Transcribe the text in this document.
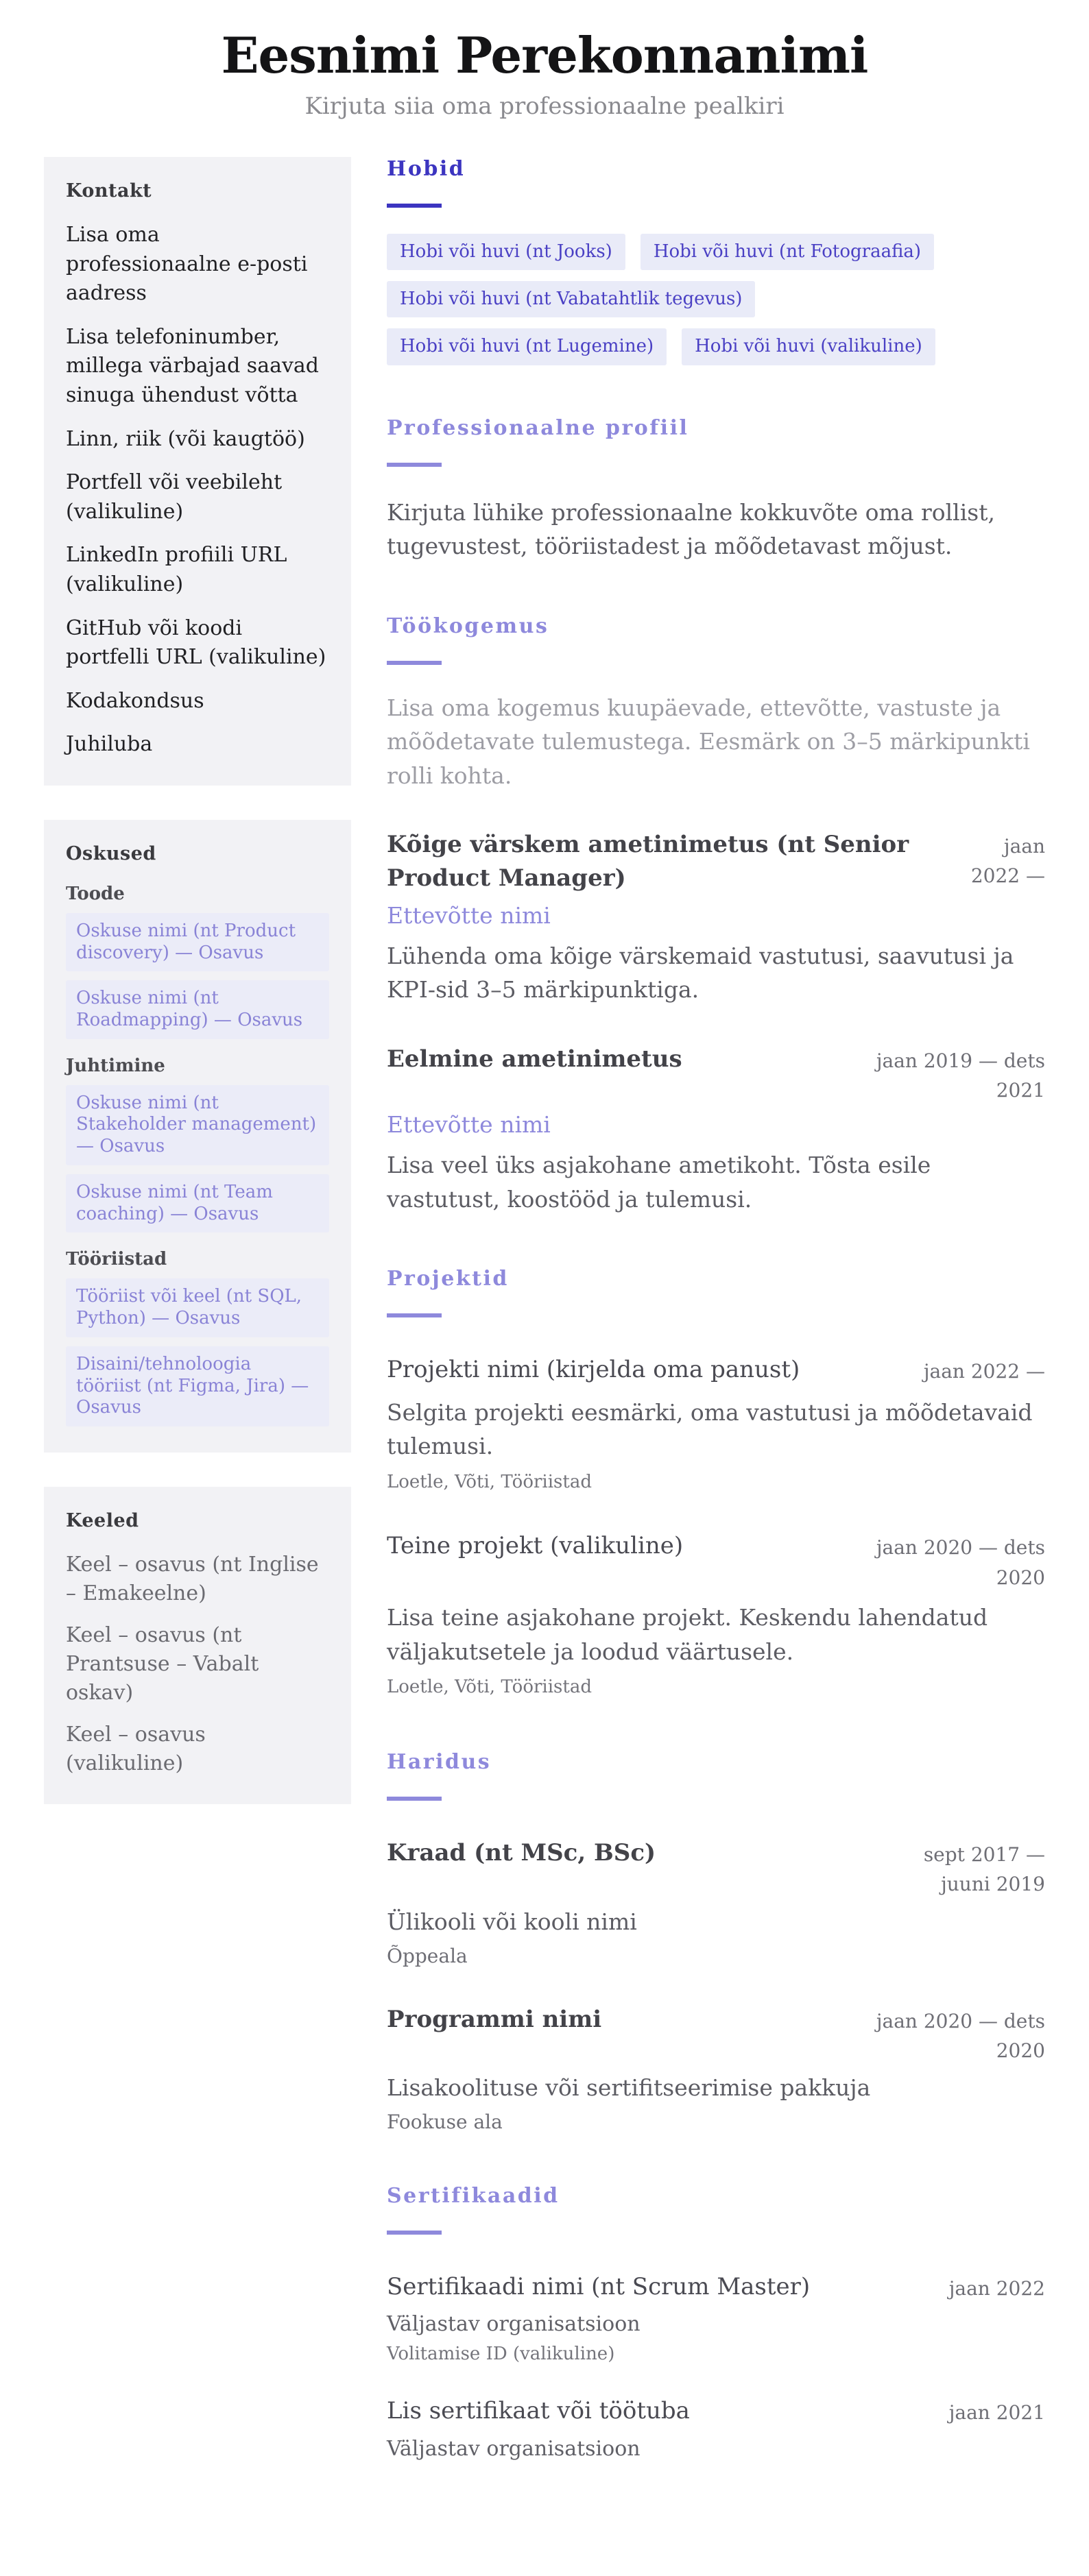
Eesnimi Perekonnanimi

Kirjuta siia oma professionaalne pealkiri

Kontakt

Lisa oma professionaalne e-posti aadress

Lisa telefoninumber, millega värbajad saavad sinuga ühendust võtta

Linn, riik (või kaugtöö)

Portfell või veebileht (valikuline)

LinkedIn profiili URL (valikuline)

GitHub või koodi portfelli URL (valikuline)

Kodakondsus

Juhiluba

Oskused
Toode
Oskuse nimi (nt Product discovery) — Osavus
Oskuse nimi (nt Roadmapping) — Osavus
Juhtimine
Oskuse nimi (nt Stakeholder management) — Osavus
Oskuse nimi (nt Team coaching) — Osavus
Tööriistad
Tööriist või keel (nt SQL, Python) — Osavus
Disaini/tehnoloogia tööriist (nt Figma, Jira) — Osavus
Keeled

Keel – osavus (nt Inglise – Emakeelne)

Keel – osavus (nt Prantsuse – Vabalt oskav)

Keel – osavus (valikuline)

Hobid
Hobi või huvi (nt Jooks)	Hobi või huvi (nt Fotograafia)
Hobi või huvi (nt Vabatahtlik tegevus)
Hobi või huvi (nt Lugemine)	Hobi või huvi (valikuline)
Professionaalne profiil

Kirjuta lühike professionaalne kokkuvõte oma rollist, tugevustest, tööriistadest ja mõõdetavast mõjust.

Töökogemus

Lisa oma kogemus kuupäevade, ettevõtte, vastuste ja mõõdetavate tulemustega. Eesmärk on 3–5 märkipunkti rolli kohta.

Kõige värskem ametinimetus (nt Senior Product Manager)
jaan 2022 —
Ettevõtte nimi

Lühenda oma kõige värskemaid vastutusi, saavutusi ja KPI-sid 3–5 märkipunktiga.

Eelmine ametinimetus	jaan 2019 — dets 2021
Ettevõtte nimi

Lisa veel üks asjakohane ametikoht. Tõsta esile vastutust, koostööd ja tulemusi.

Projektid
Projekti nimi (kirjelda oma panust)	jaan 2022 —

Selgita projekti eesmärki, oma vastutusi ja mõõdetavaid tulemusi.

Loetle, Võti, Tööriistad

Teine projekt (valikuline)	jaan 2020 — dets 2020

Lisa teine asjakohane projekt. Keskendu lahendatud väljakutsetele ja loodud väärtusele.

Loetle, Võti, Tööriistad

Haridus
Kraad (nt MSc, BSc)	sept 2017 — juuni 2019
Ülikooli või kooli nimi
Õppeala
Programmi nimi	jaan 2020 — dets 2020
Lisakoolituse või sertifitseerimise pakkuja
Fookuse ala
Sertifikaadid
Sertifikaadi nimi (nt Scrum Master)	jaan 2022
Väljastav organisatsioon
Volitamise ID (valikuline)
Lis sertifikaat või töötuba	jaan 2021
Väljastav organisatsioon
